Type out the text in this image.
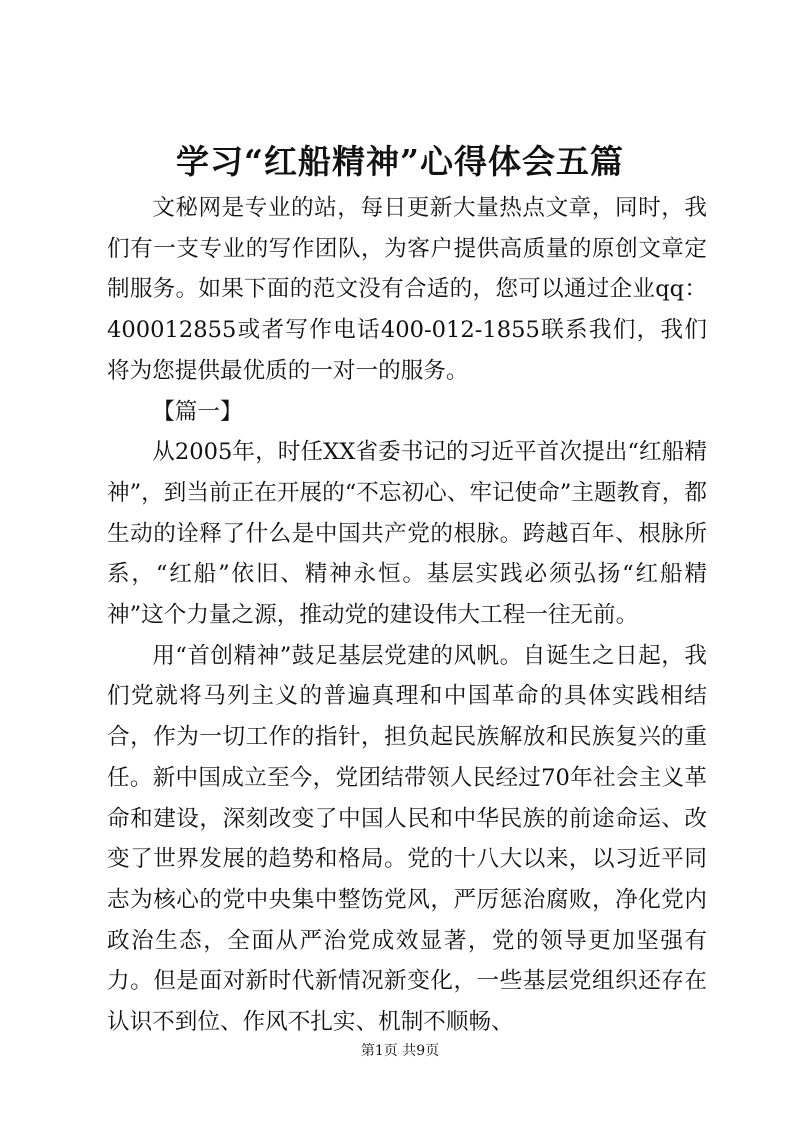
学习“红船精神”心得体会五篇

文秘网是专业的站，每日更新大量热点文章，同时，我们有一支专业的写作团队，为客户提供高质量的原创文章定制服务。如果下面的范文没有合适的，您可以通过企业qq：400012855或者写作电话400-012-1855联系我们，我们将为您提供最优质的一对一的服务。

【篇一】

从2005年，时任XX省委书记的习近平首次提出“红船精神”，到当前正在开展的“不忘初心、牢记使命”主题教育，都生动的诠释了什么是中国共产党的根脉。跨越百年、根脉所系，“红船”依旧、精神永恒。基层实践必须弘扬“红船精神”这个力量之源，推动党的建设伟大工程一往无前。

用“首创精神”鼓足基层党建的风帆。自诞生之日起，我们党就将马列主义的普遍真理和中国革命的具体实践相结合，作为一切工作的指针，担负起民族解放和民族复兴的重任。新中国成立至今，党团结带领人民经过70年社会主义革命和建设，深刻改变了中国人民和中华民族的前途命运、改变了世界发展的趋势和格局。党的十八大以来，以习近平同志为核心的党中央集中整饬党风，严厉惩治腐败，净化党内政治生态，全面从严治党成效显著，党的领导更加坚强有力。但是面对新时代新情况新变化，一些基层党组织还存在认识不到位、作风不扎实、机制不顺畅、

第1页 共9页
